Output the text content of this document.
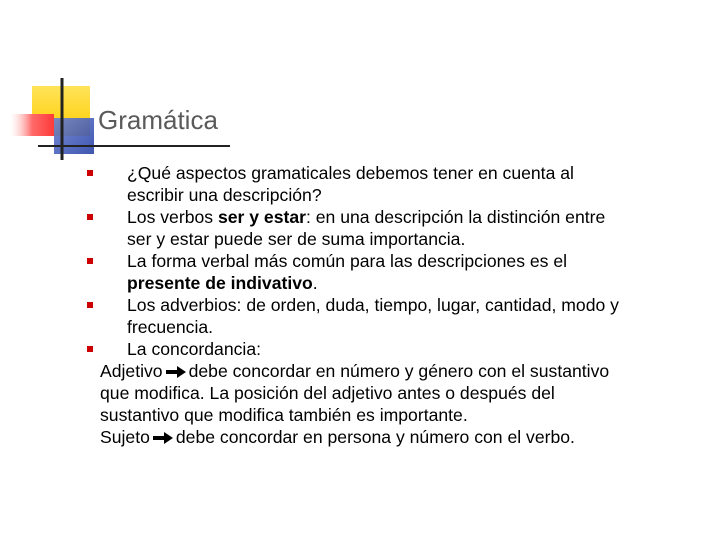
Gramática
¿Qué aspectos gramaticales debemos tener en cuenta al
escribir una descripción?
Los verbos ser y estar: en una descripción la distinción entre
ser y estar puede ser de suma importancia.
La forma verbal más común para las descripciones es el
presente de indivativo.
Los adverbios: de orden, duda, tiempo, lugar, cantidad, modo y
frecuencia.
La concordancia:
Adjetivo debe concordar en número y género con el sustantivo
que modifica. La posición del adjetivo antes o después del
sustantivo que modifica también es importante.
Sujeto debe concordar en persona y número con el verbo.
